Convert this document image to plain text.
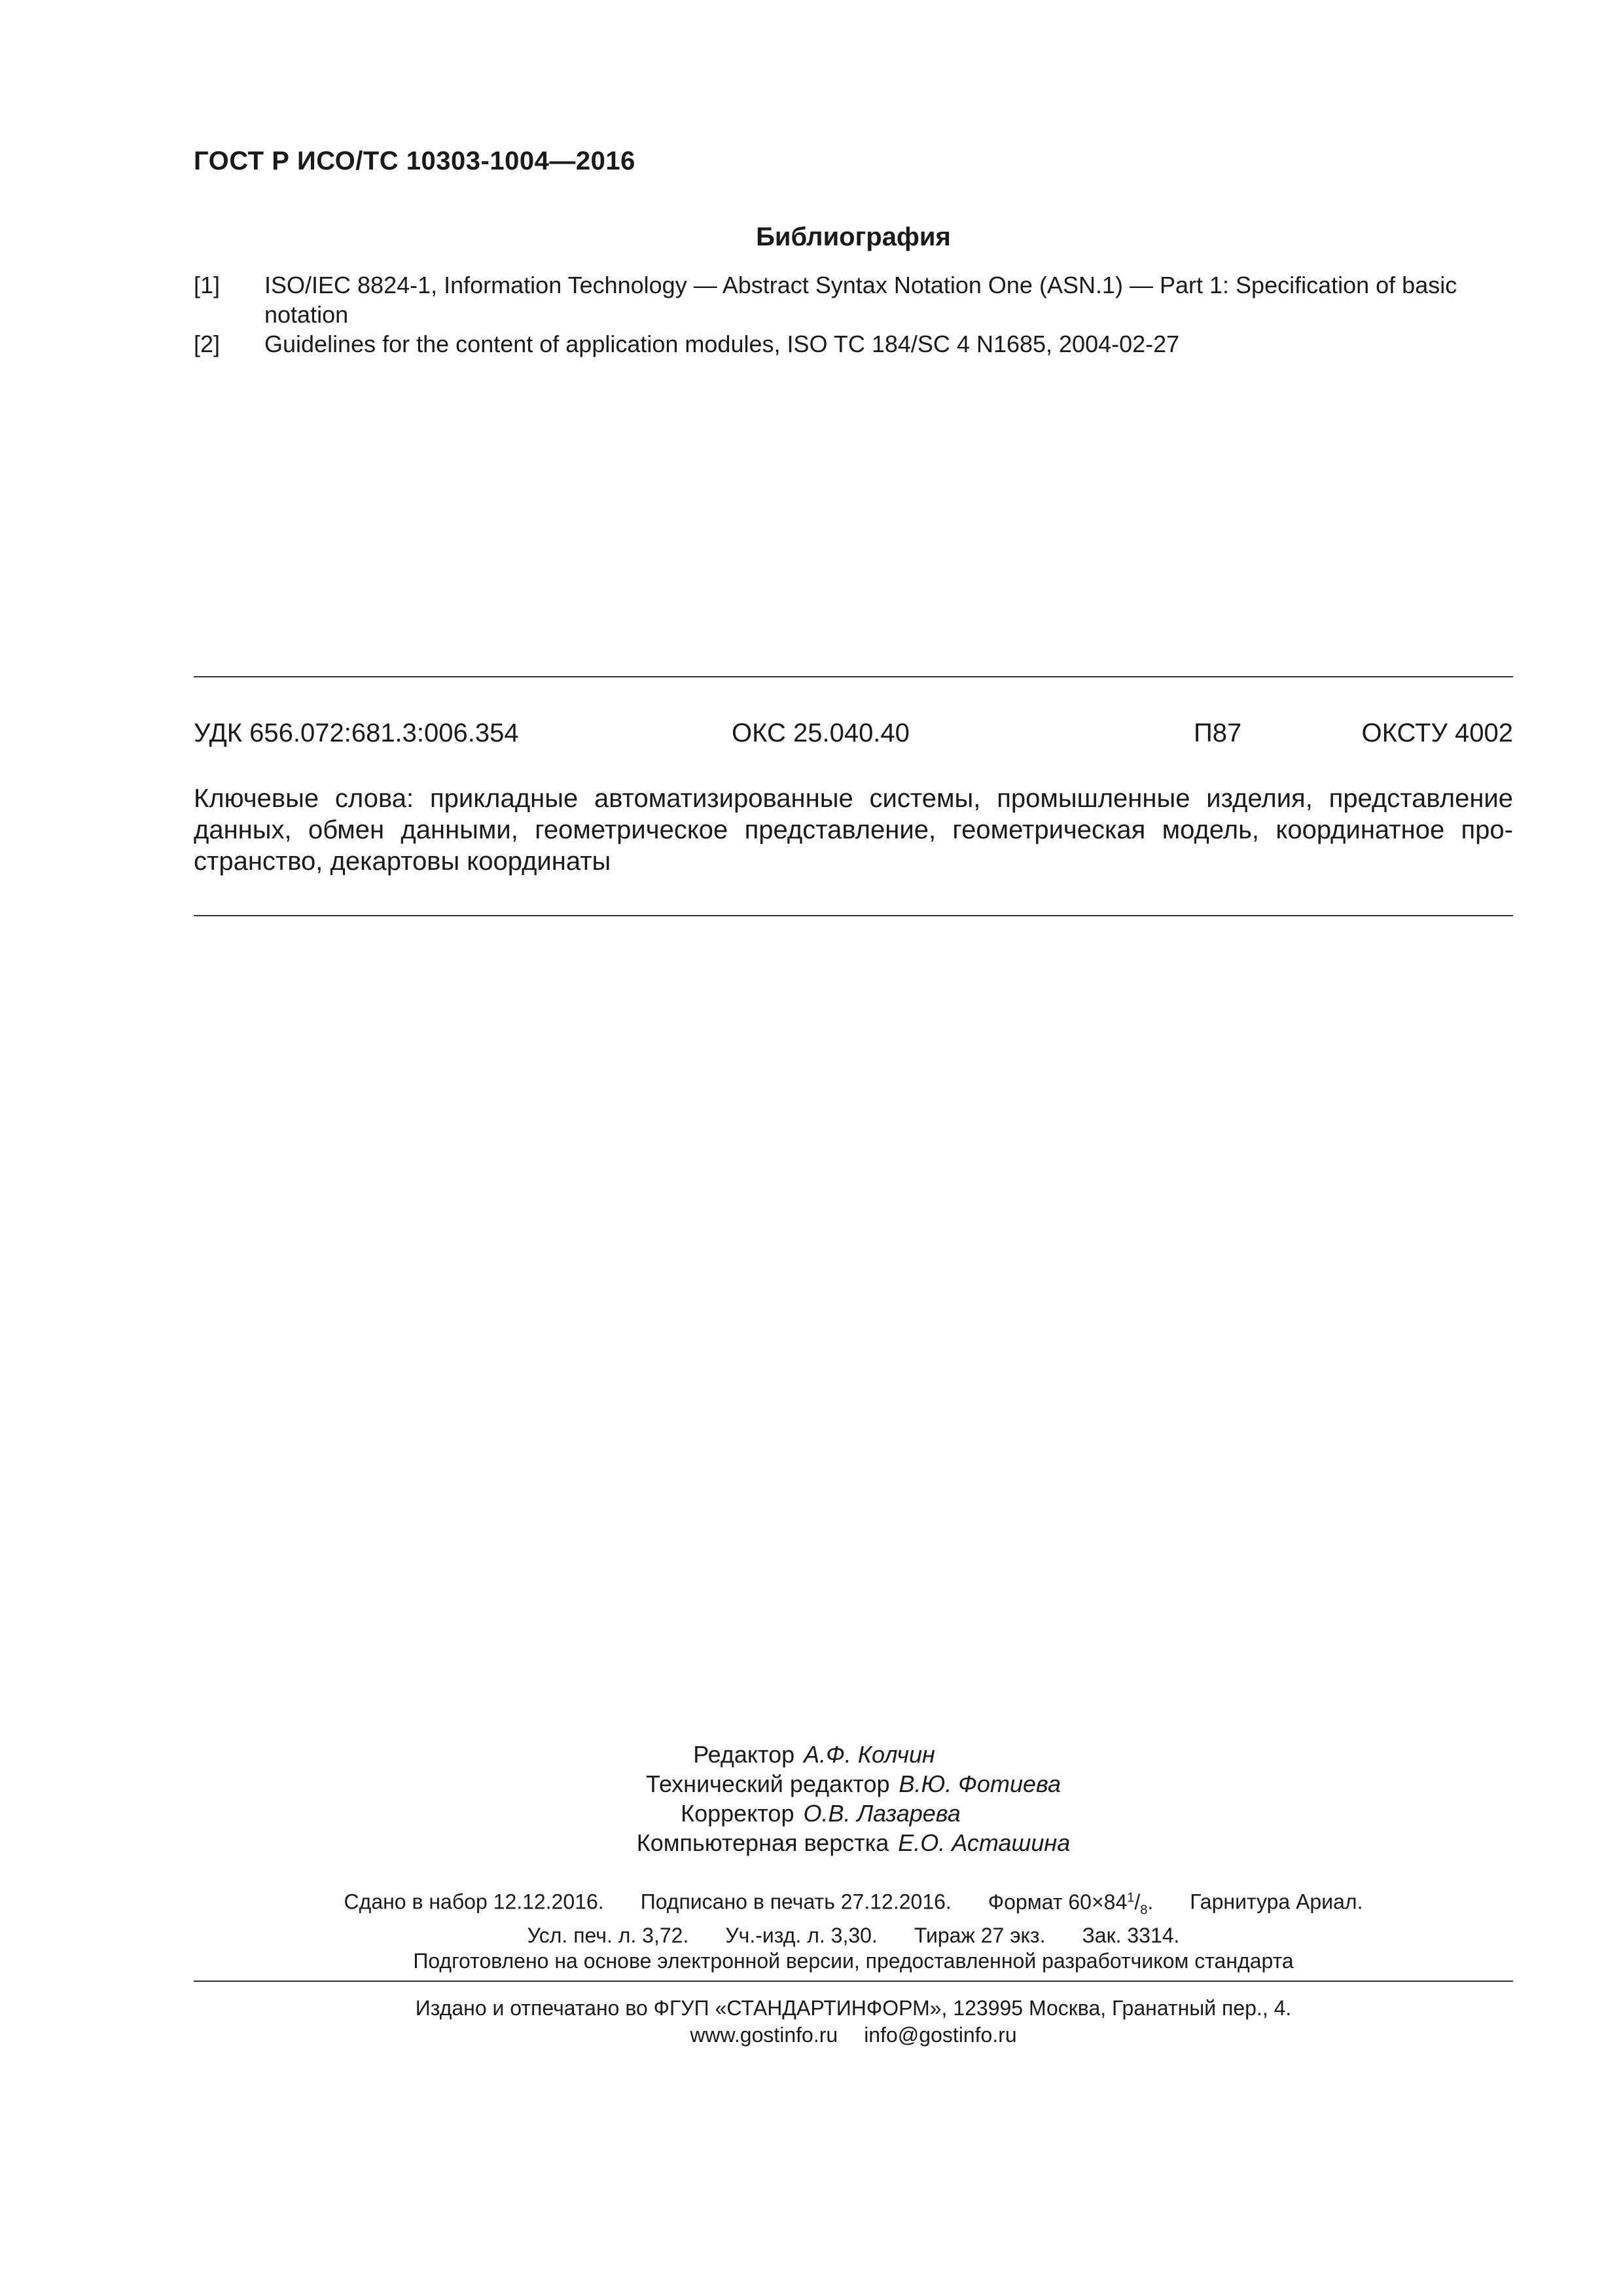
ГОСТ Р ИСО/ТС 10303-1004—2016
Библиография
[1] ISO/IEC 8824-1, Information Technology — Abstract Syntax Notation One (ASN.1) — Part 1: Specification of basic notation
[2] Guidelines for the content of application modules, ISO TC 184/SC 4 N1685, 2004-02-27
УДК 656.072:681.3:006.354	ОКС 25.040.40	П87	ОКСТУ 4002
Ключевые слова: прикладные автоматизированные системы, промышленные изделия, представление данных, обмен данными, геометрическое представление, геометрическая модель, координатное пространство, декартовы координаты
Редактор А.Ф. Колчин
Технический редактор В.Ю. Фотиева
Корректор О.В. Лазарева
Компьютерная верстка Е.О. Асташина
Сдано в набор 12.12.2016. Подписано в печать 27.12.2016. Формат $60\times 84^1/_8$. Гарнитура Ариал.
Усл. печ. л. 3,72. Уч.-изд. л. 3,30. Тираж 27 экз. Зак. 3314.
Подготовлено на основе электронной версии, предоставленной разработчиком стандарта
Издано и отпечатано во ФГУП «СТАНДАРТИНФОРМ», 123995 Москва, Гранатный пер., 4.
www.gostinfo.ru info@gostinfo.ru
